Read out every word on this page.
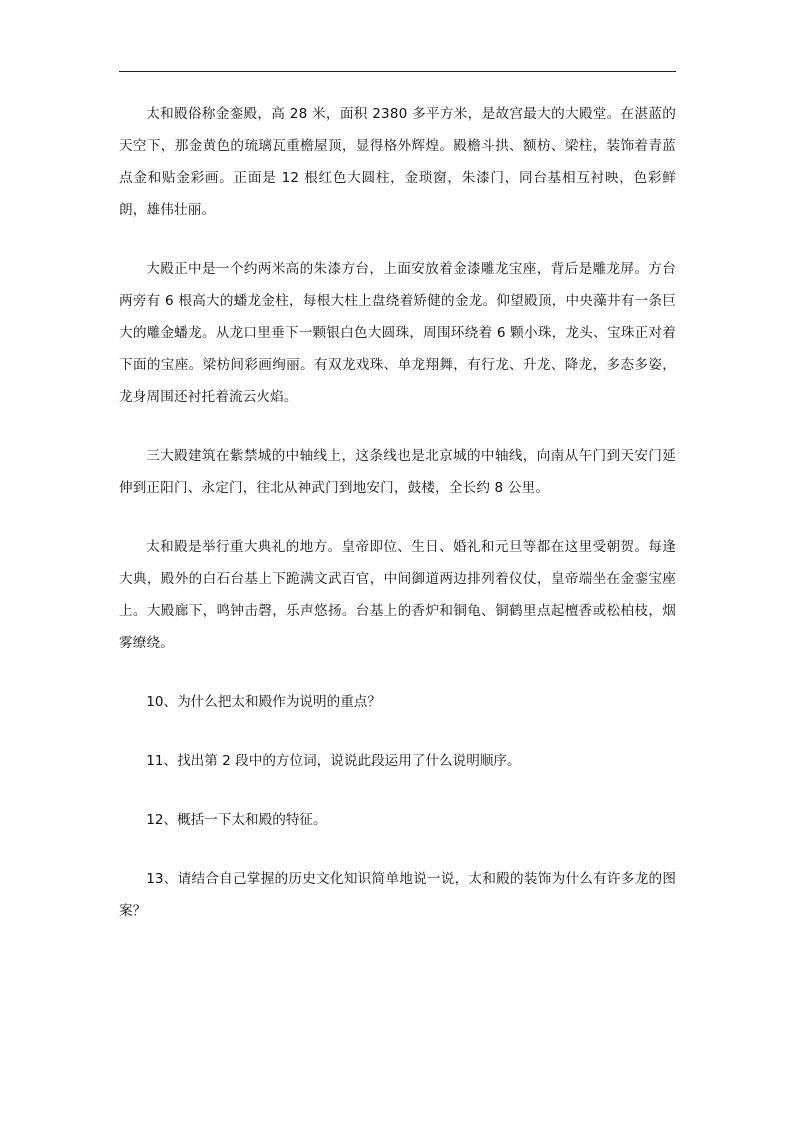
太和殿俗称金銮殿，高 28 米，面积 2380 多平方米，是故宫最大的大殿堂。在湛蓝的天空下，那金黄色的琉璃瓦重檐屋顶，显得格外辉煌。殿檐斗拱、额枋、梁柱，装饰着青蓝点金和贴金彩画。正面是 12 根红色大圆柱，金琐窗，朱漆门，同台基相互衬映，色彩鲜朗，雄伟壮丽。

大殿正中是一个约两米高的朱漆方台，上面安放着金漆雕龙宝座，背后是雕龙屏。方台两旁有 6 根高大的蟠龙金柱，每根大柱上盘绕着矫健的金龙。仰望殿顶，中央藻井有一条巨大的雕金蟠龙。从龙口里垂下一颗银白色大圆珠，周围环绕着 6 颗小珠，龙头、宝珠正对着下面的宝座。梁枋间彩画绚丽。有双龙戏珠、单龙翔舞，有行龙、升龙、降龙，多态多姿，龙身周围还衬托着流云火焰。

三大殿建筑在紫禁城的中轴线上，这条线也是北京城的中轴线，向南从午门到天安门延伸到正阳门、永定门，往北从神武门到地安门，鼓楼，全长约 8 公里。

太和殿是举行重大典礼的地方。皇帝即位、生日、婚礼和元旦等都在这里受朝贺。每逢大典，殿外的白石台基上下跪满文武百官，中间御道两边排列着仪仗，皇帝端坐在金銮宝座上。大殿廊下，鸣钟击磬，乐声悠扬。台基上的香炉和铜龟、铜鹤里点起檀香或松柏枝，烟雾缭绕。

10、为什么把太和殿作为说明的重点？

11、找出第 2 段中的方位词，说说此段运用了什么说明顺序。

12、概括一下太和殿的特征。

13、请结合自己掌握的历史文化知识简单地说一说，太和殿的装饰为什么有许多龙的图案？
